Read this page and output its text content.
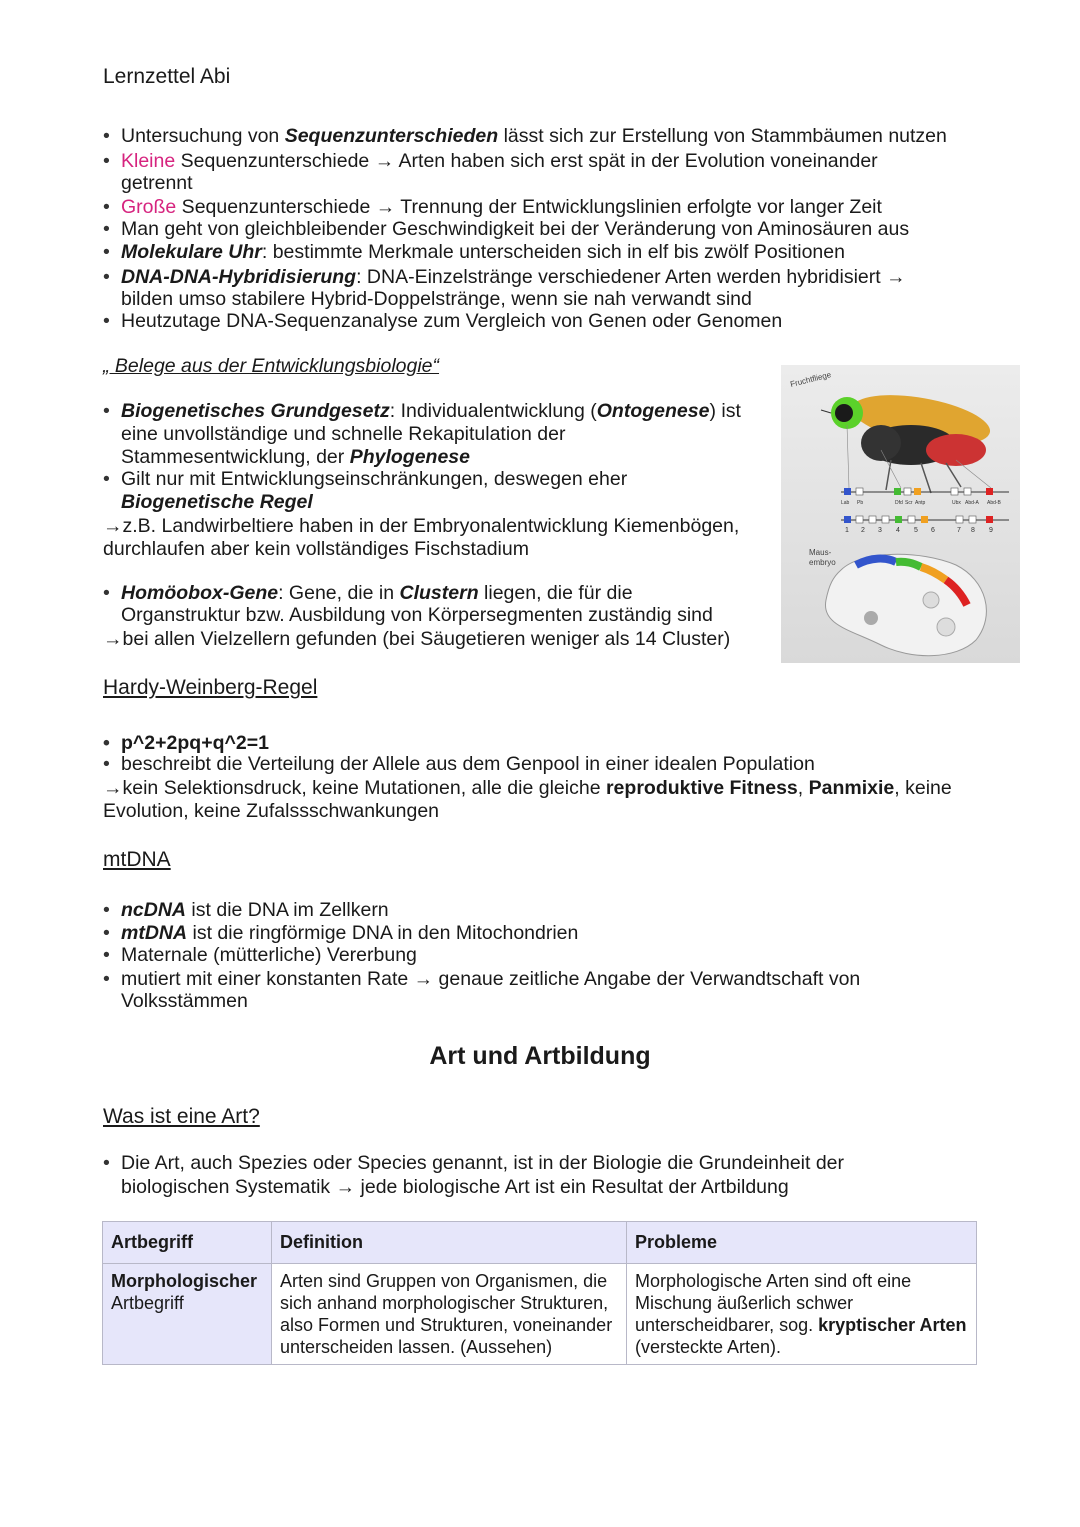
Lernzettel Abi
• Untersuchung von Sequenzunterschieden lässt sich zur Erstellung von Stammbäumen nutzen
• Kleine Sequenzunterschiede → Arten haben sich erst spät in der Evolution voneinander
getrennt
• Große Sequenzunterschiede → Trennung der Entwicklungslinien erfolgte vor langer Zeit
• Man geht von gleichbleibender Geschwindigkeit bei der Veränderung von Aminosäuren aus
• Molekulare Uhr: bestimmte Merkmale unterscheiden sich in elf bis zwölf Positionen
• DNA-DNA-Hybridisierung: DNA-Einzelstränge verschiedener Arten werden hybridisiert →
bilden umso stabilere Hybrid-Doppelstränge, wenn sie nah verwandt sind
• Heutzutage DNA-Sequenzanalyse zum Vergleich von Genen oder Genomen
„ Belege aus der Entwicklungsbiologie“
• Biogenetisches Grundgesetz: Individualentwicklung (Ontogenese) ist
eine unvollständige und schnelle Rekapitulation der
Stammesentwicklung, der Phylogenese
• Gilt nur mit Entwicklungseinschränkungen, deswegen eher
Biogenetische Regel
→z.B. Landwirbeltiere haben in der Embryonalentwicklung Kiemenbögen,
durchlaufen aber kein vollständiges Fischstadium
• Homöobox-Gene: Gene, die in Clustern liegen, die für die
Organstruktur bzw. Ausbildung von Körpersegmenten zuständig sind
→bei allen Vielzellern gefunden (bei Säugetieren weniger als 14 Cluster)
Fruchtfliege
Lab Pb	Dfd Scr Antp	Ubx Abd-A Abd-B
1 2 3 4 5 6	7 8 9
Maus-
embryo
Hardy-Weinberg-Regel
• p^2+2pq+q^2=1
• beschreibt die Verteilung der Allele aus dem Genpool in einer idealen Population
→kein Selektionsdruck, keine Mutationen, alle die gleiche reproduktive Fitness, Panmixie, keine
Evolution, keine Zufalssschwankungen
mtDNA
• ncDNA ist die DNA im Zellkern
• mtDNA ist die ringförmige DNA in den Mitochondrien
• Maternale (mütterliche) Vererbung
• mutiert mit einer konstanten Rate → genaue zeitliche Angabe der Verwandtschaft von
Volksstämmen
Art und Artbildung
Was ist eine Art?
• Die Art, auch Spezies oder Species genannt, ist in der Biologie die Grundeinheit der
biologischen Systematik → jede biologische Art ist ein Resultat der Artbildung
Artbegriff	Definition	Probleme
Morphologischer
Artbegriff	Arten sind Gruppen von Organismen, die
sich anhand morphologischer Strukturen,
also Formen und Strukturen, voneinander
unterscheiden lassen. (Aussehen)	Morphologische Arten sind oft eine
Mischung äußerlich schwer
unterscheidbarer, sog. kryptischer Arten
(versteckte Arten).
